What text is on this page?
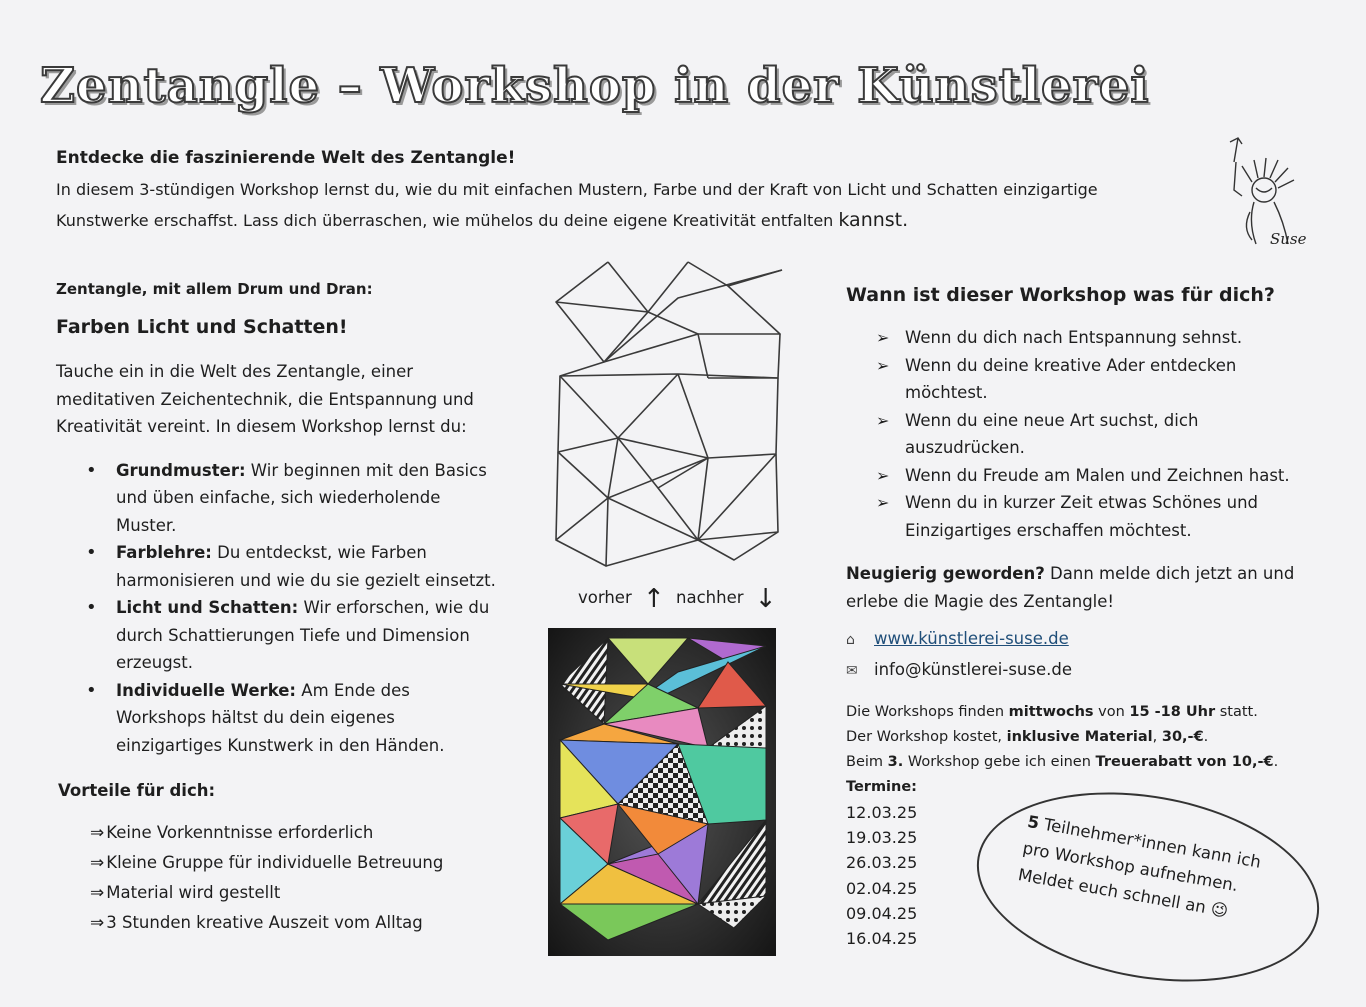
Zentangle – Workshop in der Künstlerei
Entdecke die faszinierende Welt des Zentangle!
In diesem 3-stündigen Workshop lernst du, wie du mit einfachen Mustern, Farbe und der Kraft von Licht und Schatten einzigartige
Kunstwerke erschaffst. Lass dich überraschen, wie mühelos du deine eigene Kreativität entfalten kannst.
Suse

Zentangle, mit allem Drum und Dran:

Farben Licht und Schatten!

Tauche ein in die Welt des Zentangle, einer meditativen Zeichentechnik, die Entspannung und Kreativität vereint. In diesem Workshop lernst du:

• Grundmuster: Wir beginnen mit den Basics und üben einfache, sich wiederholende Muster.
• Farblehre: Du entdeckst, wie Farben harmonisieren und wie du sie gezielt einsetzt.
• Licht und Schatten: Wir erforschen, wie du durch Schattierungen Tiefe und Dimension erzeugst.
• Individuelle Werke: Am Ende des Workshops hältst du dein eigenes einzigartiges Kunstwerk in den Händen.
Vorteile für dich:
⇒ Keine Vorkenntnisse erforderlich
⇒ Kleine Gruppe für individuelle Betreuung
⇒ Material wird gestellt
⇒ 3 Stunden kreative Auszeit vom Alltag
vorher ↑ nachher ↓

Wann ist dieser Workshop was für dich?

➢ Wenn du dich nach Entspannung sehnst.
➢ Wenn du deine kreative Ader entdecken möchtest.
➢ Wenn du eine neue Art suchst, dich auszudrücken.
➢ Wenn du Freude am Malen und Zeichnen hast.
➢ Wenn du in kurzer Zeit etwas Schönes und Einzigartiges erschaffen möchtest.

Neugierig geworden? Dann melde dich jetzt an und erlebe die Magie des Zentangle!

⌂ www.künstlerei-suse.de
✉ info@künstlerei-suse.de
Die Workshops finden mittwochs von 15 -18 Uhr statt.
Der Workshop kostet, inklusive Material, 30,-€.
Beim 3. Workshop gebe ich einen Treuerabatt von 10,-€.
Termine:
12.03.25
19.03.25
26.03.25
02.04.25
09.04.25
16.04.25
5 Teilnehmer*innen kann ich pro Workshop aufnehmen. Meldet euch schnell an 😉
